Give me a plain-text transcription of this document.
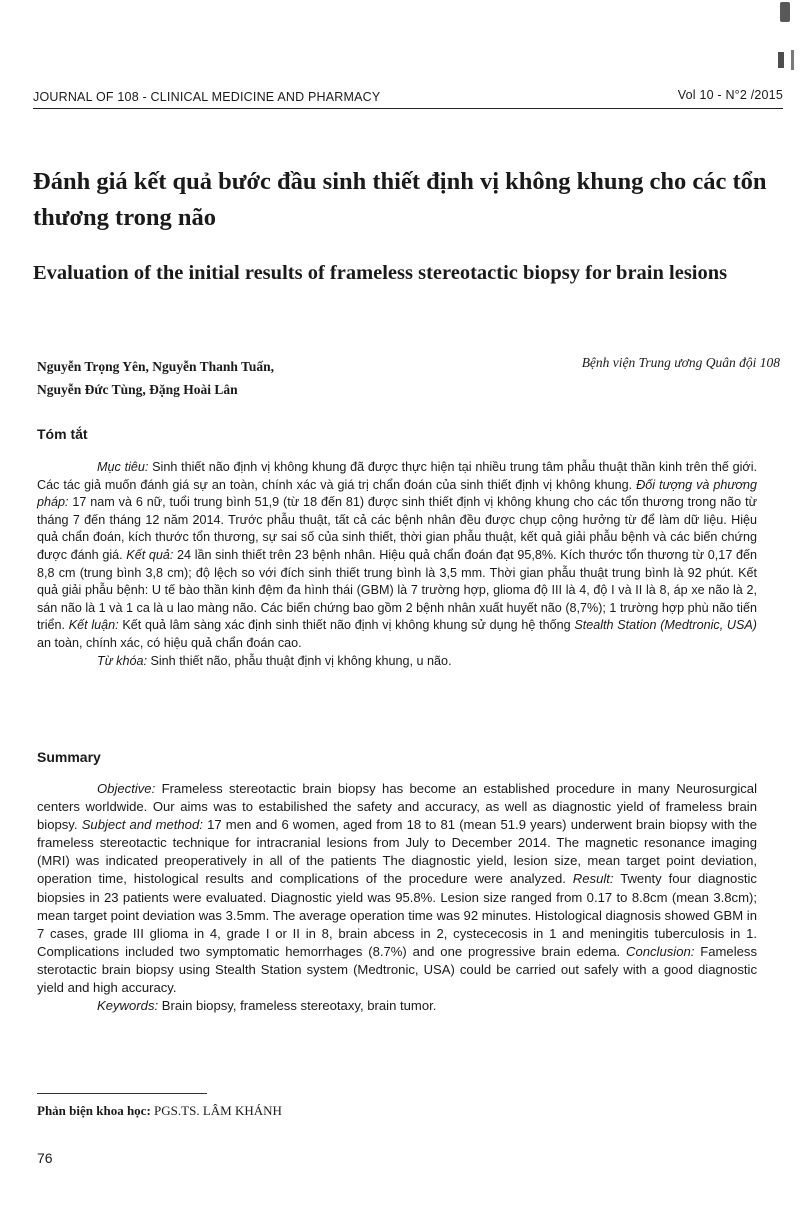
JOURNAL OF 108 - CLINICAL MEDICINE AND PHARMACY	Vol 10 - N°2 /2015
Đánh giá kết quả bước đầu sinh thiết định vị không khung cho các tổn thương trong não
Evaluation of the initial results of frameless stereotactic biopsy for brain lesions
Nguyễn Trọng Yên, Nguyễn Thanh Tuấn,
Nguyễn Đức Tùng, Đặng Hoài Lân
Bệnh viện Trung ương Quân đội 108
Tóm tắt

Mục tiêu: Sinh thiết não định vị không khung đã được thực hiện tại nhiều trung tâm phẫu thuật thần kinh trên thế giới. Các tác giả muốn đánh giá sự an toàn, chính xác và giá trị chẩn đoán của sinh thiết định vị không khung. Đối tượng và phương pháp: 17 nam và 6 nữ, tuổi trung bình 51,9 (từ 18 đến 81) được sinh thiết định vị không khung cho các tổn thương trong não từ tháng 7 đến tháng 12 năm 2014. Trước phẫu thuật, tất cả các bệnh nhân đều được chụp cộng hưởng từ để làm dữ liệu. Hiệu quả chẩn đoán, kích thước tổn thương, sự sai số của sinh thiết, thời gian phẫu thuật, kết quả giải phẫu bệnh và các biến chứng được đánh giá. Kết quả: 24 lần sinh thiết trên 23 bệnh nhân. Hiệu quả chẩn đoán đạt 95,8%. Kích thước tổn thương từ 0,17 đến 8,8 cm (trung bình 3,8 cm); độ lệch so với đích sinh thiết trung bình là 3,5 mm. Thời gian phẫu thuật trung bình là 92 phút. Kết quả giải phẫu bệnh: U tế bào thần kinh đệm đa hình thái (GBM) là 7 trường hợp, glioma độ III là 4, độ I và II là 8, áp xe não là 2, sán não là 1 và 1 ca là u lao màng não. Các biến chứng bao gồm 2 bệnh nhân xuất huyết não (8,7%); 1 trường hợp phù não tiến triển. Kết luận: Kết quả lâm sàng xác định sinh thiết não định vị không khung sử dụng hệ thống Stealth Station (Medtronic, USA) an toàn, chính xác, có hiệu quả chẩn đoán cao.

Từ khóa: Sinh thiết não, phẫu thuật định vị không khung, u não.

Summary

Objective: Frameless stereotactic brain biopsy has become an established procedure in many Neurosurgical centers worldwide. Our aims was to estabilished the safety and accuracy, as well as diagnostic yield of frameless brain biopsy. Subject and method: 17 men and 6 women, aged from 18 to 81 (mean 51.9 years) underwent brain biopsy with the frameless stereotactic technique for intracranial lesions from July to December 2014. The magnetic resonance imaging (MRI) was indicated preoperatively in all of the patients The diagnostic yield, lesion size, mean target point deviation, operation time, histological results and complications of the procedure were analyzed. Result: Twenty four diagnostic biopsies in 23 patients were evaluated. Diagnostic yield was 95.8%. Lesion size ranged from 0.17 to 8.8cm (mean 3.8cm); mean target point deviation was 3.5mm. The average operation time was 92 minutes. Histological diagnosis showed GBM in 7 cases, grade III glioma in 4, grade I or II in 8, brain abcess in 2, cystececosis in 1 and meningitis tuberculosis in 1. Complications included two symptomatic hemorrhages (8.7%) and one progressive brain edema. Conclusion: Fameless sterotactic brain biopsy using Stealth Station system (Medtronic, USA) could be carried out safely with a good diagnostic yield and high accuracy.

Keywords: Brain biopsy, frameless stereotaxy, brain tumor.

Phản biện khoa học: PGS.TS. LÂM KHÁNH
76
